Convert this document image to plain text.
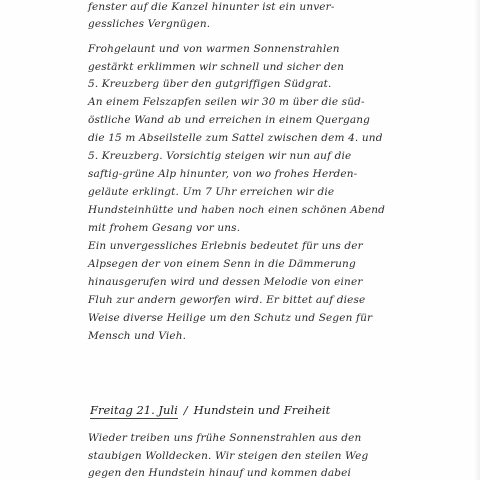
fenster auf die Kanzel hinunter ist ein unver-

gessliches Vergnügen.

Frohgelaunt und von warmen Sonnenstrahlen

gestärkt erklimmen wir schnell und sicher den

5. Kreuzberg über den gutgriffigen Südgrat.

An einem Felszapfen seilen wir 30 m über die süd-

östliche Wand ab und erreichen in einem Quergang

die 15 m Abseilstelle zum Sattel zwischen dem 4. und

5. Kreuzberg. Vorsichtig steigen wir nun auf die

saftig-grüne Alp hinunter, von wo frohes Herden-

geläute erklingt. Um 7 Uhr erreichen wir die

Hundsteinhütte und haben noch einen schönen Abend

mit frohem Gesang vor uns.

Ein unvergessliches Erlebnis bedeutet für uns der

Alpsegen der von einem Senn in die Dämmerung

hinausgerufen wird und dessen Melodie von einer

Fluh zur andern geworfen wird. Er bittet auf diese

Weise diverse Heilige um den Schutz und Segen für

Mensch und Vieh.

Freitag 21. Juli / Hundstein und Freiheit

Wieder treiben uns frühe Sonnenstrahlen aus den

staubigen Wolldecken. Wir steigen den steilen Weg

gegen den Hundstein hinauf und kommen dabei
